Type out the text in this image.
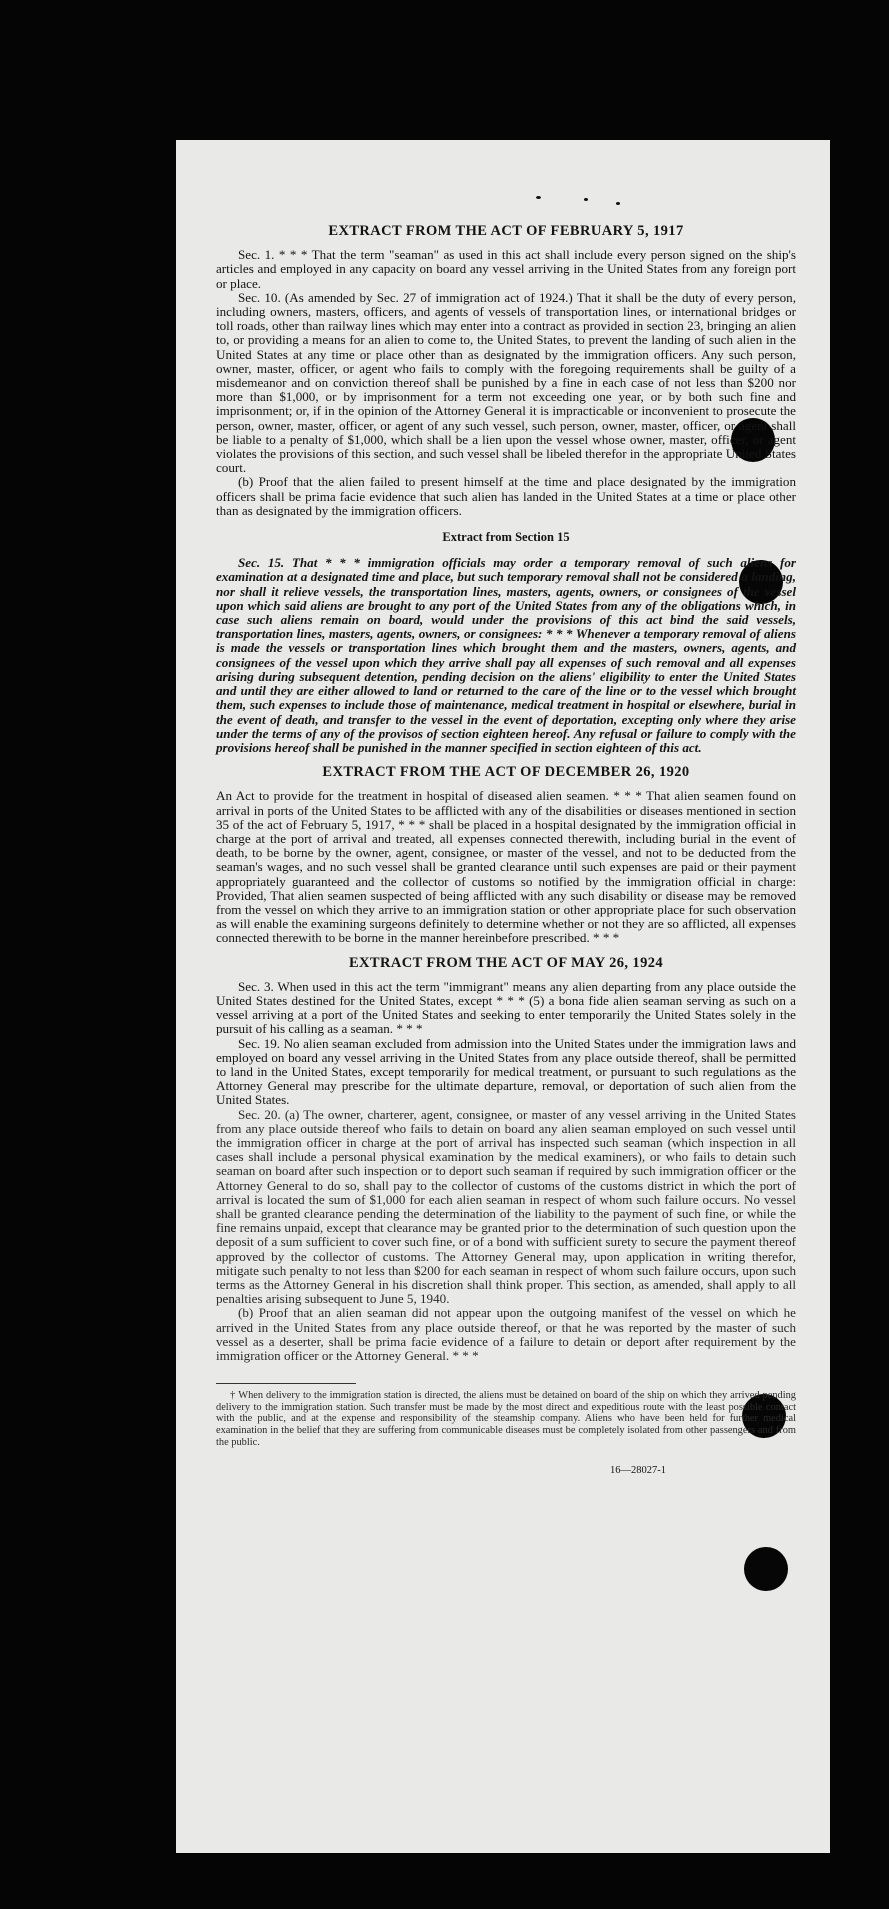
EXTRACT FROM THE ACT OF FEBRUARY 5, 1917

Sec. 1. * * * That the term "seaman" as used in this act shall include every person signed on the ship's articles and employed in any capacity on board any vessel arriving in the United States from any foreign port or place.

Sec. 10. (As amended by Sec. 27 of immigration act of 1924.) That it shall be the duty of every person, including owners, masters, officers, and agents of vessels of transportation lines, or international bridges or toll roads, other than railway lines which may enter into a contract as provided in section 23, bringing an alien to, or providing a means for an alien to come to, the United States, to prevent the landing of such alien in the United States at any time or place other than as designated by the immigration officers. Any such person, owner, master, officer, or agent who fails to comply with the foregoing requirements shall be guilty of a misdemeanor and on conviction thereof shall be punished by a fine in each case of not less than $200 nor more than $1,000, or by imprisonment for a term not exceeding one year, or by both such fine and imprisonment; or, if in the opinion of the Attorney General it is impracticable or inconvenient to prosecute the person, owner, master, officer, or agent of any such vessel, such person, owner, master, officer, or agent shall be liable to a penalty of $1,000, which shall be a lien upon the vessel whose owner, master, officer, or agent violates the provisions of this section, and such vessel shall be libeled therefor in the appropriate United States court.

(b) Proof that the alien failed to present himself at the time and place designated by the immigration officers shall be prima facie evidence that such alien has landed in the United States at a time or place other than as designated by the immigration officers.

Extract from Section 15

Sec. 15. That * * * immigration officials may order a temporary removal of such aliens for examination at a designated time and place, but such temporary removal shall not be considered a landing, nor shall it relieve vessels, the transportation lines, masters, agents, owners, or consignees of the vessel upon which said aliens are brought to any port of the United States from any of the obligations which, in case such aliens remain on board, would under the provisions of this act bind the said vessels, transportation lines, masters, agents, owners, or consignees: * * * Whenever a temporary removal of aliens is made the vessels or transportation lines which brought them and the masters, owners, agents, and consignees of the vessel upon which they arrive shall pay all expenses of such removal and all expenses arising during subsequent detention, pending decision on the aliens' eligibility to enter the United States and until they are either allowed to land or returned to the care of the line or to the vessel which brought them, such expenses to include those of maintenance, medical treatment in hospital or elsewhere, burial in the event of death, and transfer to the vessel in the event of deportation, excepting only where they arise under the terms of any of the provisos of section eighteen hereof. Any refusal or failure to comply with the provisions hereof shall be punished in the manner specified in section eighteen of this act.

EXTRACT FROM THE ACT OF DECEMBER 26, 1920

An Act to provide for the treatment in hospital of diseased alien seamen. * * * That alien seamen found on arrival in ports of the United States to be afflicted with any of the disabilities or diseases mentioned in section 35 of the act of February 5, 1917, * * * shall be placed in a hospital designated by the immigration official in charge at the port of arrival and treated, all expenses connected therewith, including burial in the event of death, to be borne by the owner, agent, consignee, or master of the vessel, and not to be deducted from the seaman's wages, and no such vessel shall be granted clearance until such expenses are paid or their payment appropriately guaranteed and the collector of customs so notified by the immigration official in charge: Provided, That alien seamen suspected of being afflicted with any such disability or disease may be removed from the vessel on which they arrive to an immigration station or other appropriate place for such observation as will enable the examining surgeons definitely to determine whether or not they are so afflicted, all expenses connected therewith to be borne in the manner hereinbefore prescribed. * * *

EXTRACT FROM THE ACT OF MAY 26, 1924

Sec. 3. When used in this act the term "immigrant" means any alien departing from any place outside the United States destined for the United States, except * * * (5) a bona fide alien seaman serving as such on a vessel arriving at a port of the United States and seeking to enter temporarily the United States solely in the pursuit of his calling as a seaman. * * *

Sec. 19. No alien seaman excluded from admission into the United States under the immigration laws and employed on board any vessel arriving in the United States from any place outside thereof, shall be permitted to land in the United States, except temporarily for medical treatment, or pursuant to such regulations as the Attorney General may prescribe for the ultimate departure, removal, or deportation of such alien from the United States.

Sec. 20. (a) The owner, charterer, agent, consignee, or master of any vessel arriving in the United States from any place outside thereof who fails to detain on board any alien seaman employed on such vessel until the immigration officer in charge at the port of arrival has inspected such seaman (which inspection in all cases shall include a personal physical examination by the medical examiners), or who fails to detain such seaman on board after such inspection or to deport such seaman if required by such immigration officer or the Attorney General to do so, shall pay to the collector of customs of the customs district in which the port of arrival is located the sum of $1,000 for each alien seaman in respect of whom such failure occurs. No vessel shall be granted clearance pending the determination of the liability to the payment of such fine, or while the fine remains unpaid, except that clearance may be granted prior to the determination of such question upon the deposit of a sum sufficient to cover such fine, or of a bond with sufficient surety to secure the payment thereof approved by the collector of customs. The Attorney General may, upon application in writing therefor, mitigate such penalty to not less than $200 for each seaman in respect of whom such failure occurs, upon such terms as the Attorney General in his discretion shall think proper. This section, as amended, shall apply to all penalties arising subsequent to June 5, 1940.

(b) Proof that an alien seaman did not appear upon the outgoing manifest of the vessel on which he arrived in the United States from any place outside thereof, or that he was reported by the master of such vessel as a deserter, shall be prima facie evidence of a failure to detain or deport after requirement by the immigration officer or the Attorney General. * * *

† When delivery to the immigration station is directed, the aliens must be detained on board of the ship on which they arrived pending delivery to the immigration station. Such transfer must be made by the most direct and expeditious route with the least possible contact with the public, and at the expense and responsibility of the steamship company. Aliens who have been held for further medical examination in the belief that they are suffering from communicable diseases must be completely isolated from other passengers and from the public.

16—28027-1
